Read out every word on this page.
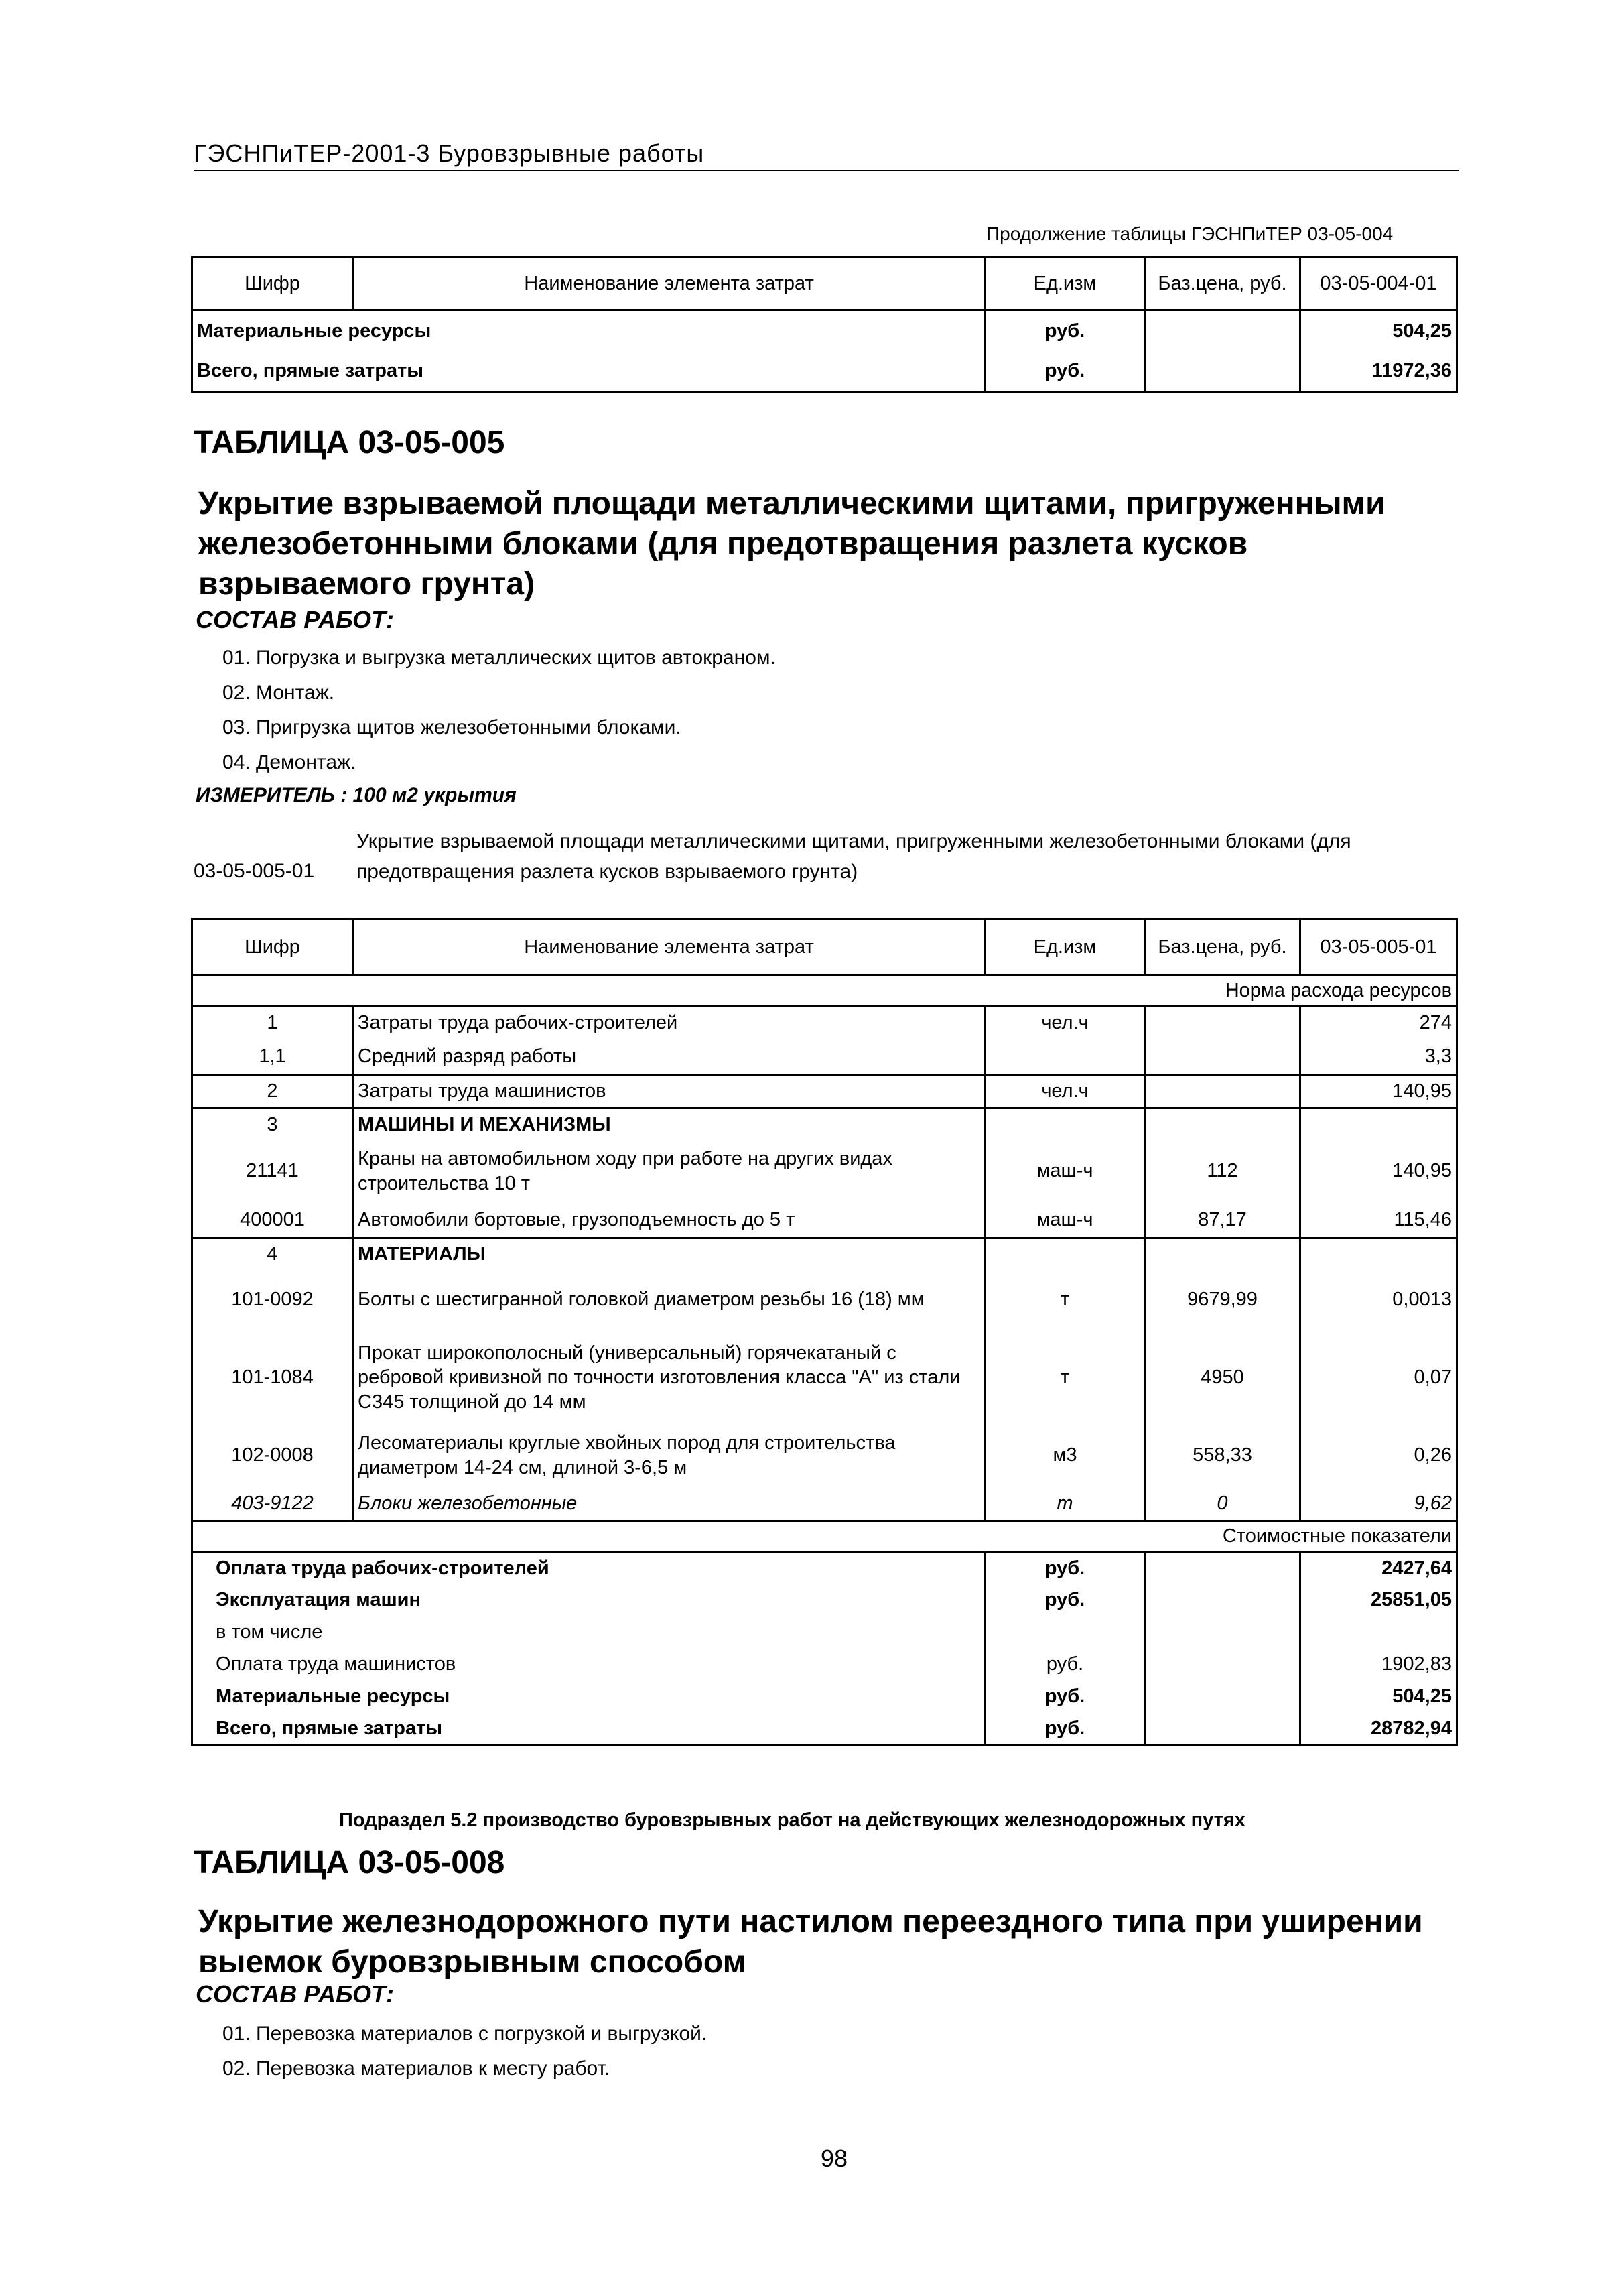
ГЭСНПиТЕР-2001-3 Буровзрывные работы
Продолжение таблицы ГЭСНПиТЕР 03-05-004
Шифр	Наименование элемента затрат	Ед.изм	Баз.цена, руб.	03-05-004-01
Материальные ресурсы		руб.		504,25
Всего, прямые затраты		руб.		11972,36
ТАБЛИЦА 03-05-005
Укрытие взрываемой площади металлическими щитами, пригруженными железобетонными блоками (для предотвращения разлета кусков взрываемого грунта)
СОСТАВ РАБОТ:
01. Погрузка и выгрузка металлических щитов автокраном.
02. Монтаж.
03. Пригрузка щитов железобетонными блоками.
04. Демонтаж.
ИЗМЕРИТЕЛЬ : 100 м2 укрытия
03-05-005-01
Укрытие взрываемой площади металлическими щитами, пригруженными железобетонными блоками (для предотвращения разлета кусков взрываемого грунта)
Шифр	Наименование элемента затрат	Ед.изм	Баз.цена, руб.	03-05-005-01
Норма расхода ресурсов				
1	Затраты труда рабочих-строителей	чел.ч		274
1,1	Средний разряд работы			3,3
2	Затраты труда машинистов	чел.ч		140,95
3	МАШИНЫ И МЕХАНИЗМЫ			
21141	Краны на автомобильном ходу при работе на других видах строительства 10 т	маш-ч	112	140,95
400001	Автомобили бортовые, грузоподъемность до 5 т	маш-ч	87,17	115,46
4	МАТЕРИАЛЫ			
101-0092	Болты с шестигранной головкой диаметром резьбы 16 (18) мм	т	9679,99	0,0013
101-1084	Прокат широкополосный (универсальный) горячекатаный с ребровой кривизной по точности изготовления класса "А" из стали С345 толщиной до 14 мм	т	4950	0,07
102-0008	Лесоматериалы круглые хвойных пород для строительства диаметром 14-24 см, длиной 3-6,5 м	м3	558,33	0,26
403-9122	Блоки железобетонные	т	0	9,62
Стоимостные показатели				
Оплата труда рабочих-строителей		руб.		2427,64
Эксплуатация машин		руб.		25851,05
в том числе				
Оплата труда машинистов		руб.		1902,83
Материальные ресурсы		руб.		504,25
Всего, прямые затраты		руб.		28782,94
Подраздел 5.2 производство буровзрывных работ на действующих железнодорожных путях
ТАБЛИЦА 03-05-008
Укрытие железнодорожного пути настилом переездного типа при уширении выемок буровзрывным способом
СОСТАВ РАБОТ:
01. Перевозка материалов с погрузкой и выгрузкой.
02. Перевозка материалов к месту работ.
98
